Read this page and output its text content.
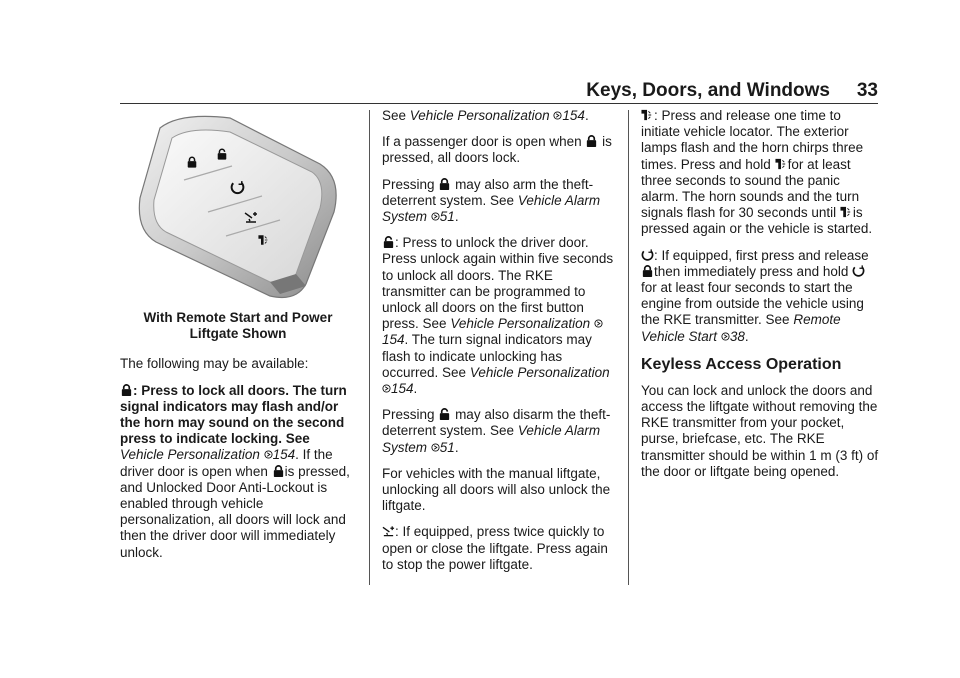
Keys, Doors, and Windows	33
With Remote Start and Power Liftgate Shown

The following may be available:

: Press to lock all doors. The turn signal indicators may flash and/or the horn may sound on the second press to indicate locking. See Vehicle Personalization 154. If the driver door is open when is pressed, and Unlocked Door Anti-Lockout is enabled through vehicle personalization, all doors will lock and then the driver door will immediately unlock.

See Vehicle Personalization 154.

If a passenger door is open when is pressed, all doors lock.

Pressing may also arm the theft-deterrent system. See Vehicle Alarm System 51.

: Press to unlock the driver door. Press unlock again within five seconds to unlock all doors. The RKE transmitter can be programmed to unlock all doors on the first button press. See Vehicle Personalization 154. The turn signal indicators may flash to indicate unlocking has occurred. See Vehicle Personalization 154.

Pressing may also disarm the theft-deterrent system. See Vehicle Alarm System 51.

For vehicles with the manual liftgate, unlocking all doors will also unlock the liftgate.

: If equipped, press twice quickly to open or close the liftgate. Press again to stop the power liftgate.

: Press and release one time to initiate vehicle locator. The exterior lamps flash and the horn chirps three times. Press and hold for at least three seconds to sound the panic alarm. The horn sounds and the turn signals flash for 30 seconds until is pressed again or the vehicle is started.

: If equipped, first press and release then immediately press and hold for at least four seconds to start the engine from outside the vehicle using the RKE transmitter. See Remote Vehicle Start 38.

Keyless Access Operation

You can lock and unlock the doors and access the liftgate without removing the RKE transmitter from your pocket, purse, briefcase, etc. The RKE transmitter should be within 1 m (3 ft) of the door or liftgate being opened.
